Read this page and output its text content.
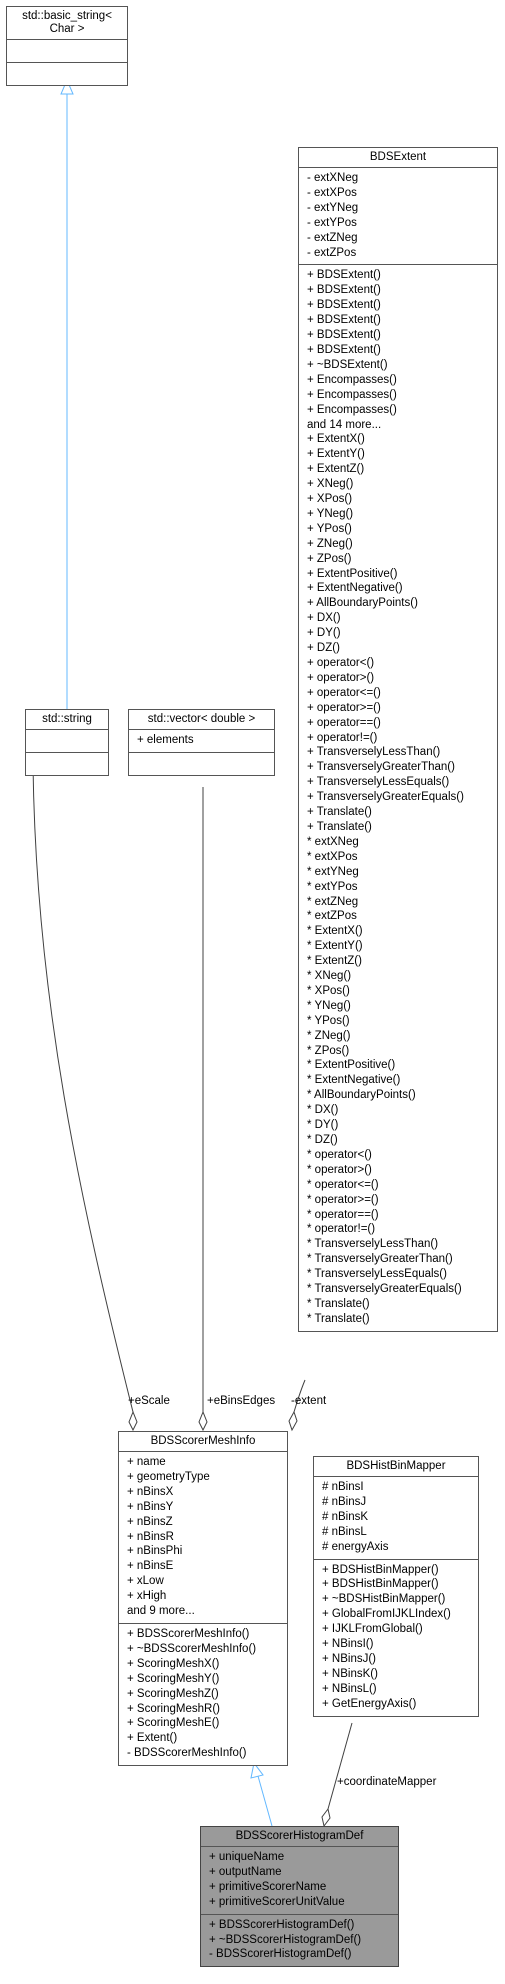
+eScale	+eBinsEdges -extent
+coordinateMapper
std::basic_string<
Char >
std::string	std::vector< double >
+ elements
BDSExtent
- extXNeg
- extXPos
- extYNeg
- extYPos
- extZNeg
- extZPos
+ BDSExtent()
+ BDSExtent()
+ BDSExtent()
+ BDSExtent()
+ BDSExtent()
+ BDSExtent()
+ ~BDSExtent()
+ Encompasses()
+ Encompasses()
+ Encompasses()
and 14 more...
+ ExtentX()
+ ExtentY()
+ ExtentZ()
+ XNeg()
+ XPos()
+ YNeg()
+ YPos()
+ ZNeg()
+ ZPos()
+ ExtentPositive()
+ ExtentNegative()
+ AllBoundaryPoints()
+ DX()
+ DY()
+ DZ()
+ operator<()
+ operator>()
+ operator<=()
+ operator>=()
+ operator==()
+ operator!=()
+ TransverselyLessThan()
+ TransverselyGreaterThan()
+ TransverselyLessEquals()
+ TransverselyGreaterEquals()
+ Translate()
+ Translate()
* extXNeg
* extXPos
* extYNeg
* extYPos
* extZNeg
* extZPos
* ExtentX()
* ExtentY()
* ExtentZ()
* XNeg()
* XPos()
* YNeg()
* YPos()
* ZNeg()
* ZPos()
* ExtentPositive()
* ExtentNegative()
* AllBoundaryPoints()
* DX()
* DY()
* DZ()
* operator<()
* operator>()
* operator<=()
* operator>=()
* operator==()
* operator!=()
* TransverselyLessThan()
* TransverselyGreaterThan()
* TransverselyLessEquals()
* TransverselyGreaterEquals()
* Translate()
* Translate()
BDSScorerMeshInfo
+ name
+ geometryType
+ nBinsX
+ nBinsY
+ nBinsZ
+ nBinsR
+ nBinsPhi
+ nBinsE
+ xLow
+ xHigh
and 9 more...
+ BDSScorerMeshInfo()
+ ~BDSScorerMeshInfo()
+ ScoringMeshX()
+ ScoringMeshY()
+ ScoringMeshZ()
+ ScoringMeshR()
+ ScoringMeshE()
+ Extent()
- BDSScorerMeshInfo()
BDSHistBinMapper
# nBinsI
# nBinsJ
# nBinsK
# nBinsL
# energyAxis
+ BDSHistBinMapper()
+ BDSHistBinMapper()
+ ~BDSHistBinMapper()
+ GlobalFromIJKLIndex()
+ IJKLFromGlobal()
+ NBinsI()
+ NBinsJ()
+ NBinsK()
+ NBinsL()
+ GetEnergyAxis()
BDSScorerHistogramDef
+ uniqueName
+ outputName
+ primitiveScorerName
+ primitiveScorerUnitValue
+ BDSScorerHistogramDef()
+ ~BDSScorerHistogramDef()
- BDSScorerHistogramDef()
